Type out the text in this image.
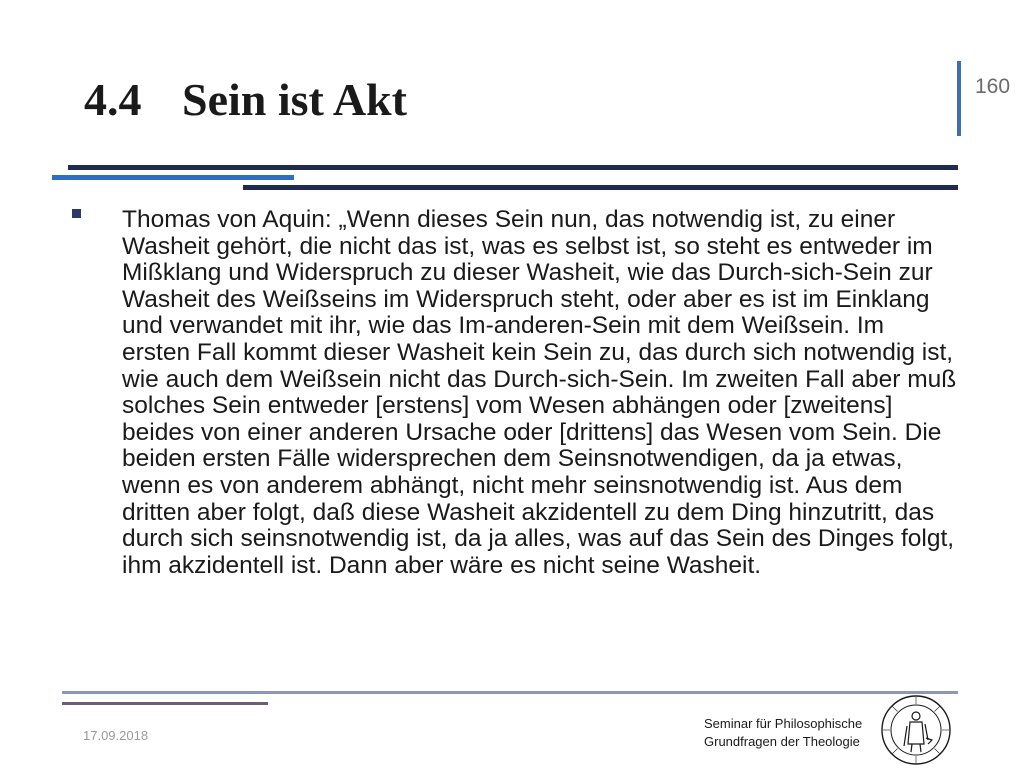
4.4 Sein ist Akt	160

Thomas von Aquin: „Wenn dieses Sein nun, das notwendig ist, zu einer Washeit gehört, die nicht das ist, was es selbst ist, so steht es entweder im Mißklang und Widerspruch zu dieser Washeit, wie das Durch-sich-Sein zur Washeit des Weißseins im Widerspruch steht, oder aber es ist im Einklang und verwandet mit ihr, wie das Im-anderen-Sein mit dem Weißsein. Im ersten Fall kommt dieser Washeit kein Sein zu, das durch sich notwendig ist, wie auch dem Weißsein nicht das Durch-sich-Sein. Im zweiten Fall aber muß solches Sein entweder [erstens] vom Wesen abhängen oder [zweitens] beides von einer anderen Ursache oder [drittens] das Wesen vom Sein. Die beiden ersten Fälle widersprechen dem Seinsnotwendigen, da ja etwas, wenn es von anderem abhängt, nicht mehr seinsnotwendig ist. Aus dem dritten aber folgt, daß diese Washeit akzidentell zu dem Ding hinzutritt, das durch sich seinsnotwendig ist, da ja alles, was auf das Sein des Dinges folgt, ihm akzidentell ist. Dann aber wäre es nicht seine Washeit.

17.09.2018
Seminar für Philosophische
Grundfragen der Theologie
